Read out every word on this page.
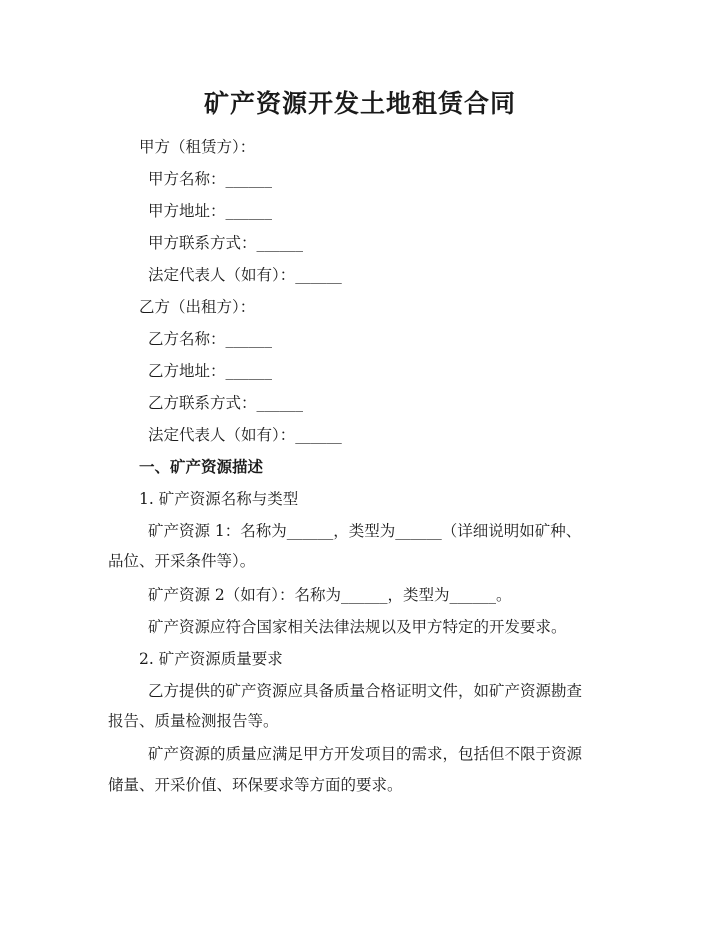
矿产资源开发土地租赁合同
甲方（租赁方）：
甲方名称：______
甲方地址：______
甲方联系方式：______
法定代表人（如有）：______
乙方（出租方）：
乙方名称：______
乙方地址：______
乙方联系方式：______
法定代表人（如有）：______
一、矿产资源描述
1. 矿产资源名称与类型
矿产资源 1：名称为______，类型为______（详细说明如矿种、
品位、开采条件等）。
矿产资源 2（如有）：名称为______，类型为______。
矿产资源应符合国家相关法律法规以及甲方特定的开发要求。
2. 矿产资源质量要求
乙方提供的矿产资源应具备质量合格证明文件，如矿产资源勘查
报告、质量检测报告等。
矿产资源的质量应满足甲方开发项目的需求，包括但不限于资源
储量、开采价值、环保要求等方面的要求。
